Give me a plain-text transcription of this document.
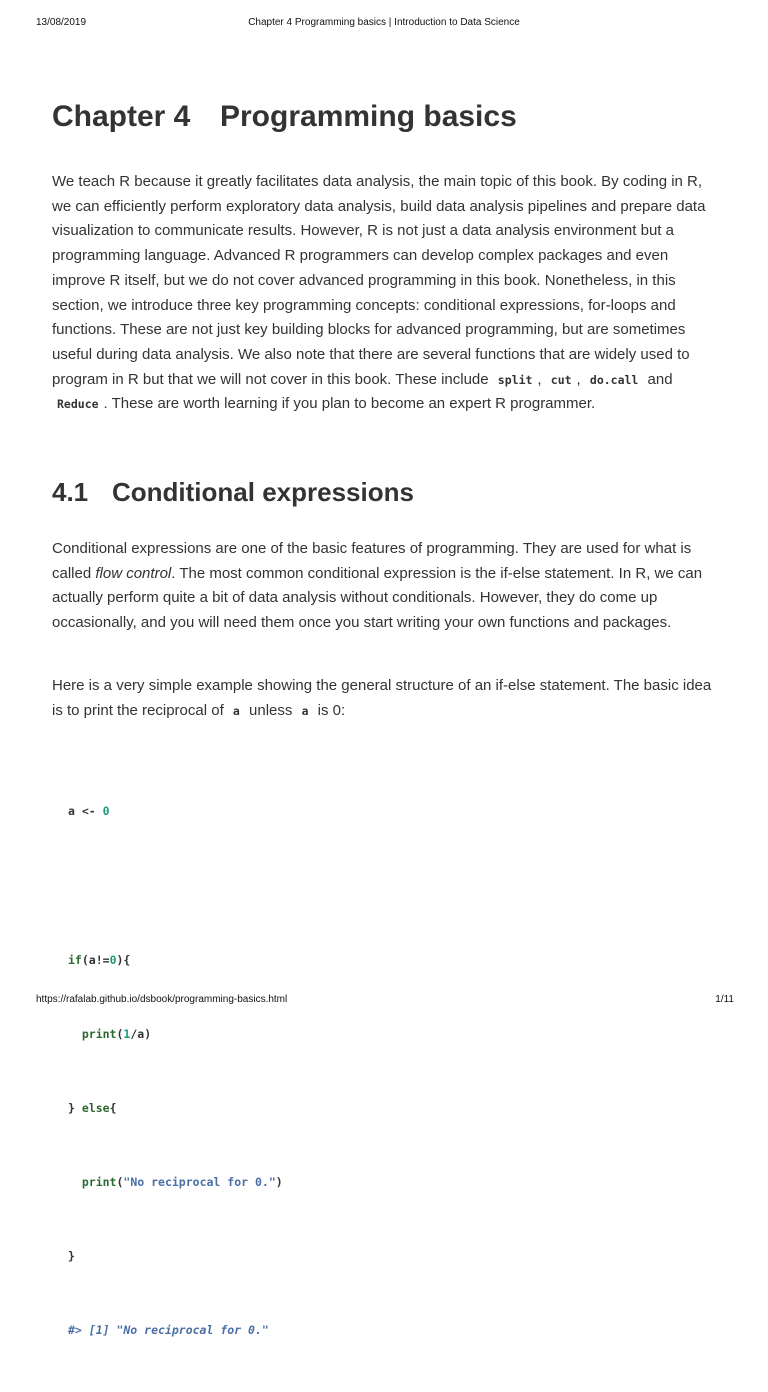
13/08/2019	Chapter 4 Programming basics | Introduction to Data Science
Chapter 4 Programming basics

We teach R because it greatly facilitates data analysis, the main topic of this book. By coding in R, we can efficiently perform exploratory data analysis, build data analysis pipelines and prepare data visualization to communicate results. However, R is not just a data analysis environment but a programming language. Advanced R programmers can develop complex packages and even improve R itself, but we do not cover advanced programming in this book. Nonetheless, in this section, we introduce three key programming concepts: conditional expressions, for-loops and functions. These are not just key building blocks for advanced programming, but are sometimes useful during data analysis. We also note that there are several functions that are widely used to program in R but that we will not cover in this book. These include split , cut , do.call and Reduce . These are worth learning if you plan to become an expert R programmer.

4.1 Conditional expressions

Conditional expressions are one of the basic features of programming. They are used for what is called flow control. The most common conditional expression is the if-else statement. In R, we can actually perform quite a bit of data analysis without conditionals. However, they do come up occasionally, and you will need them once you start writing your own functions and packages.

Here is a very simple example showing the general structure of an if-else statement. The basic idea is to print the reciprocal of a unless a is 0:

a <- 0

if(a!=0){

print(1/a)

} else{

print("No reciprocal for 0.")

}

#> [1] "No reciprocal for 0."

https://rafalab.github.io/dsbook/programming-basics.html	1/11
